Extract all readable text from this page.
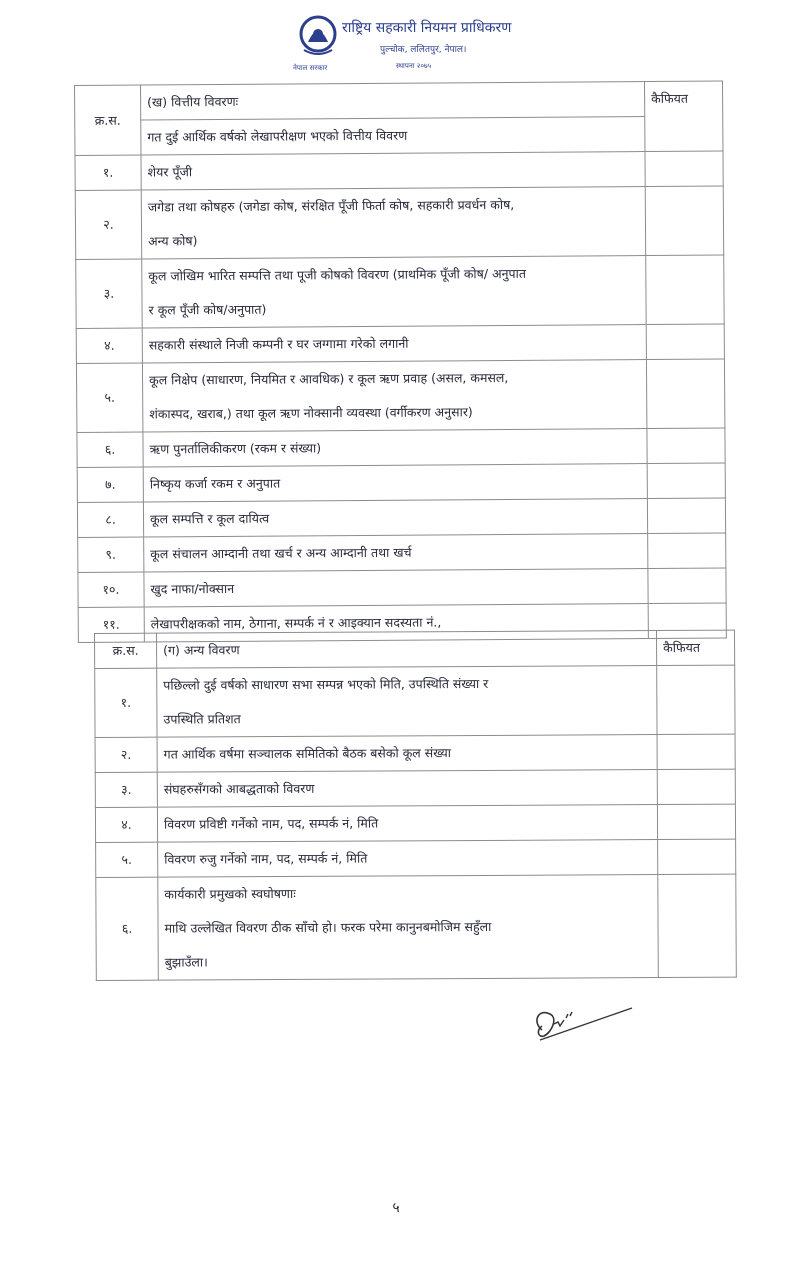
नेपाल सरकार
राष्ट्रिय सहकारी नियमन प्राधिकरण
पुल्चोक, ललितपुर, नेपाल।
स्थापना २०७५
क्र.स.	(ख) वित्तीय विवरणः	कैफियत
	गत दुई आर्थिक वर्षको लेखापरीक्षण भएको वित्तीय विवरण	
१.	शेयर पूँजी	

२.	जगेडा तथा कोषहरु (जगेडा कोष, संरक्षित पूँजी फिर्ता कोष, सहकारी प्रवर्धन कोष,
अन्य कोष)	

३.	कूल जोखिम भारित सम्पत्ति तथा पूजी कोषको विवरण (प्राथमिक पूँजी कोष/ अनुपात
र कूल पूँजी कोष/अनुपात)	

४.	सहकारी संस्थाले निजी कम्पनी र घर जग्गामा गरेको लगानी	

५.	कूल निक्षेप (साधारण, नियमित र आवधिक) र कूल ऋण प्रवाह (असल, कमसल,
शंकास्पद, खराब,) तथा कूल ऋण नोक्सानी व्यवस्था (वर्गीकरण अनुसार)	

६.	ऋण पुनर्तालिकीकरण (रकम र संख्या)	

७.	निष्कृय कर्जा रकम र अनुपात	

८.	कूल सम्पत्ति र कूल दायित्व	

९.	कूल संचालन आम्दानी तथा खर्च र अन्य आम्दानी तथा खर्च	

१०.	खुद नाफा/नोक्सान	

११.	लेखापरीक्षकको नाम, ठेगाना, सम्पर्क नं र आइक्यान सदस्यता नं.,	

क्र.स.	(ग) अन्य विवरण	कैफियत
१.	पछिल्लो दुई वर्षको साधारण सभा सम्पन्न भएको मिति, उपस्थिति संख्या र
उपस्थिति प्रतिशत	

२.	गत आर्थिक वर्षमा सञ्चालक समितिको बैठक बसेको कूल संख्या	

३.	संघहरुसँगको आबद्धताको विवरण	

४.	विवरण प्रविष्टी गर्नेको नाम, पद, सम्पर्क नं, मिति	

५.	विवरण रुजु गर्नेको नाम, पद, सम्पर्क नं, मिति	

६.	कार्यकारी प्रमुखको स्वघोषणाः
माथि उल्लेखित विवरण ठीक साँचो हो। फरक परेमा कानुनबमोजिम सहुँला
बुझाउँला।	

५
